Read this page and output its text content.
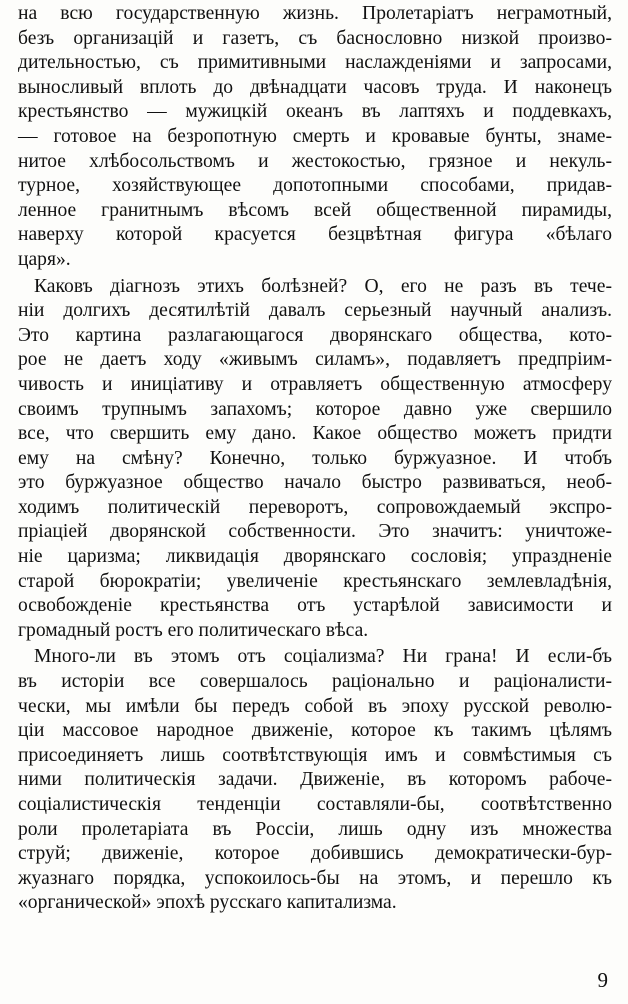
на всю государственную жизнь. Пролетаріатъ неграмотный,
безъ организацій и газетъ, съ баснословно низкой произво-
дительностью, съ примитивными наслажденіями и запросами,
выносливый вплоть до двѣнадцати часовъ труда. И наконецъ
крестьянство — мужицкій океанъ въ лаптяхъ и поддевкахъ,
— готовое на безропотную смерть и кровавые бунты, знаме-
нитое хлѣбосольствомъ и жестокостью, грязное и некуль-
турное, хозяйствующее допотопными способами, придав-
ленное гранитнымъ вѣсомъ всей общественной пирамиды,
наверху которой красуется безцвѣтная фигура «бѣлаго
царя».
Каковъ діагнозъ этихъ болѣзней? О, его не разъ въ тече-
ніи долгихъ десятилѣтій давалъ серьезный научный анализъ.
Это картина разлагающагося дворянскаго общества, кото-
рое не даетъ ходу «живымъ силамъ», подавляетъ предпріим-
чивость и иниціативу и отравляетъ общественную атмосферу
своимъ трупнымъ запахомъ; которое давно уже свершило
все, что свершить ему дано. Какое общество можетъ придти
ему на смѣну? Конечно, только буржуазное. И чтобъ
это буржуазное общество начало быстро развиваться, необ-
ходимъ политическій переворотъ, сопровождаемый экспро-
пріаціей дворянской собственности. Это значитъ: уничтоже-
ніе царизма; ликвидація дворянскаго сословія; упраздненіе
старой бюрократіи; увеличеніе крестьянскаго землевладѣнія,
освобожденіе крестьянства отъ устарѣлой зависимости и
громадный ростъ его политическаго вѣса.
Много-ли въ этомъ отъ соціализма? Ни грана! И если-бъ
въ исторіи все совершалось раціонально и раціоналисти-
чески, мы имѣли бы передъ собой въ эпоху русской револю-
ціи массовое народное движеніе, которое къ такимъ цѣлямъ
присоединяетъ лишь соотвѣтствующія имъ и совмѣстимыя съ
ними политическія задачи. Движеніе, въ которомъ рабоче-
соціалистическія тенденціи составляли-бы, соотвѣтственно
роли пролетаріата въ Россіи, лишь одну изъ множества
струй; движеніе, которое добившись демократически-бур-
жуазнаго порядка, успокоилось-бы на этомъ, и перешло къ
«органической» эпохѣ русскаго капитализма.
9
